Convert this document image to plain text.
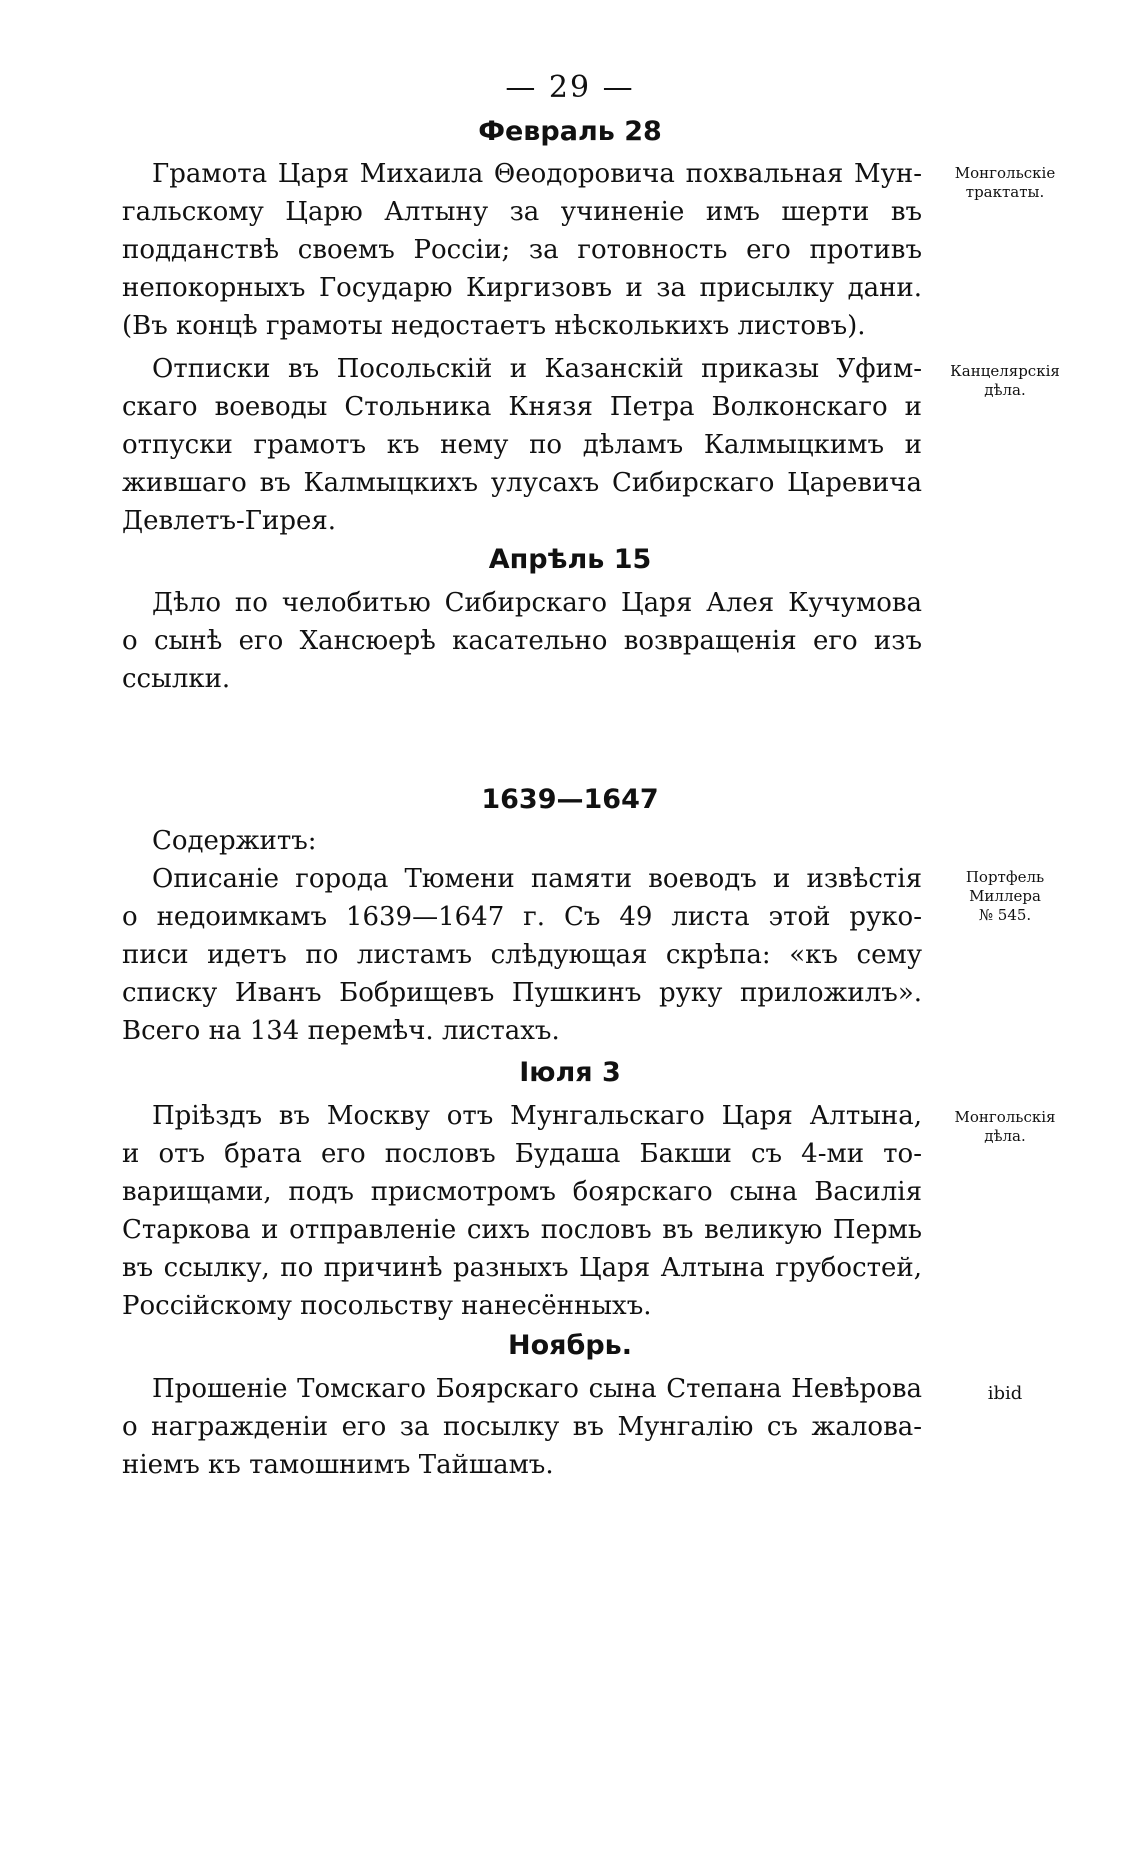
— 29 —
Февраль 28
Грамота Царя Михаила Θеодоровича похвальная Мун-
гальскому Царю Алтыну за учиненіе имъ шерти въ
подданствѣ своемъ Россіи; за готовность его противъ
непокорныхъ Государю Киргизовъ и за присылку дани.
(Въ концѣ грамоты недостаетъ нѣсколькихъ листовъ).
Монгольскіе
трактаты.
Отписки въ Посольскій и Казанскій приказы Уфим-
скаго воеводы Стольника Князя Петра Волконскаго и
отпуски грамотъ къ нему по дѣламъ Калмыцкимъ и
жившаго въ Калмыцкихъ улусахъ Сибирскаго Царевича
Девлетъ-Гирея.
Канцелярскія
дѣла.
Апрѣль 15
Дѣло по челобитью Сибирскаго Царя Алея Кучумова
о сынѣ его Хансюерѣ касательно возвращенія его изъ
ссылки.
1639—1647
Содержитъ:
Описаніе города Тюмени памяти воеводъ и извѣстія
о недоимкамъ 1639—1647 г. Съ 49 листа этой руко-
писи идетъ по листамъ слѣдующая скрѣпа: «къ сему
списку Иванъ Бобрищевъ Пушкинъ руку приложилъ».
Всего на 134 перемѣч. листахъ.
Портфель
Миллера
№ 545.
Іюля 3
Пріѣздъ въ Москву отъ Мунгальскаго Царя Алтына,
и отъ брата его пословъ Будаша Бакши съ 4-ми то-
варищами, подъ присмотромъ боярскаго сына Василія
Старкова и отправленіе сихъ пословъ въ великую Пермь
въ ссылку, по причинѣ разныхъ Царя Алтына грубостей,
Россійскому посольству нанесённыхъ.
Монгольскія
дѣла.
Ноябрь.
Прошеніе Томскаго Боярскаго сына Степана Невѣрова
о награжденіи его за посылку въ Мунгалію съ жалова-
ніемъ къ тамошнимъ Тайшамъ.
ibid
